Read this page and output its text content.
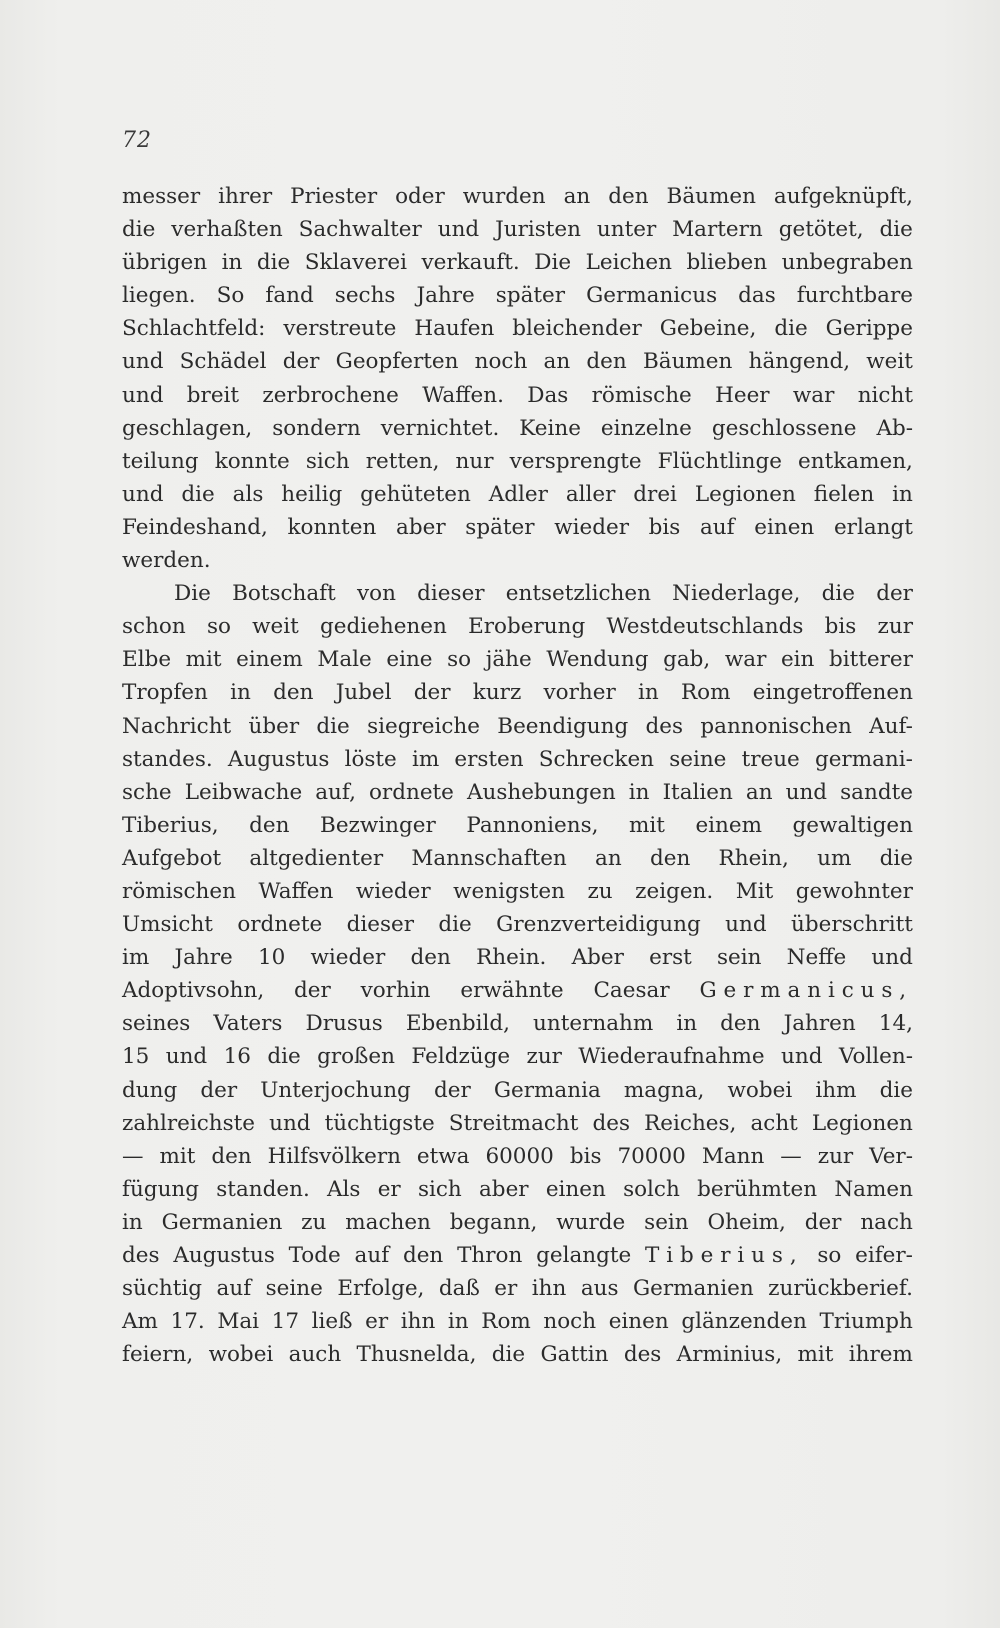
72
messer ihrer Priester oder wurden an den Bäumen aufgeknüpft,
die verhaßten Sachwalter und Juristen unter Martern getötet, die
übrigen in die Sklaverei verkauft. Die Leichen blieben unbegraben
liegen. So fand sechs Jahre später Germanicus das furchtbare
Schlachtfeld: verstreute Haufen bleichender Gebeine, die Gerippe
und Schädel der Geopferten noch an den Bäumen hängend, weit
und breit zerbrochene Waffen. Das römische Heer war nicht
geschlagen, sondern vernichtet. Keine einzelne geschlossene Ab-
teilung konnte sich retten, nur versprengte Flüchtlinge entkamen,
und die als heilig gehüteten Adler aller drei Legionen fielen in
Feindeshand, konnten aber später wieder bis auf einen erlangt
werden.
Die Botschaft von dieser entsetzlichen Niederlage, die der
schon so weit gediehenen Eroberung Westdeutschlands bis zur
Elbe mit einem Male eine so jähe Wendung gab, war ein bitterer
Tropfen in den Jubel der kurz vorher in Rom eingetroffenen
Nachricht über die siegreiche Beendigung des pannonischen Auf-
standes. Augustus löste im ersten Schrecken seine treue germani-
sche Leibwache auf, ordnete Aushebungen in Italien an und sandte
Tiberius, den Bezwinger Pannoniens, mit einem gewaltigen
Aufgebot altgedienter Mannschaften an den Rhein, um die
römischen Waffen wieder wenigsten zu zeigen. Mit gewohnter
Umsicht ordnete dieser die Grenzverteidigung und überschritt
im Jahre 10 wieder den Rhein. Aber erst sein Neffe und
Adoptivsohn, der vorhin erwähnte Caesar Germanicus,
seines Vaters Drusus Ebenbild, unternahm in den Jahren 14,
15 und 16 die großen Feldzüge zur Wiederaufnahme und Vollen-
dung der Unterjochung der Germania magna, wobei ihm die
zahlreichste und tüchtigste Streitmacht des Reiches, acht Legionen
— mit den Hilfsvölkern etwa 60000 bis 70000 Mann — zur Ver-
fügung standen. Als er sich aber einen solch berühmten Namen
in Germanien zu machen begann, wurde sein Oheim, der nach
des Augustus Tode auf den Thron gelangte Tiberius, so eifer-
süchtig auf seine Erfolge, daß er ihn aus Germanien zurückberief.
Am 17. Mai 17 ließ er ihn in Rom noch einen glänzenden Triumph
feiern, wobei auch Thusnelda, die Gattin des Arminius, mit ihrem
